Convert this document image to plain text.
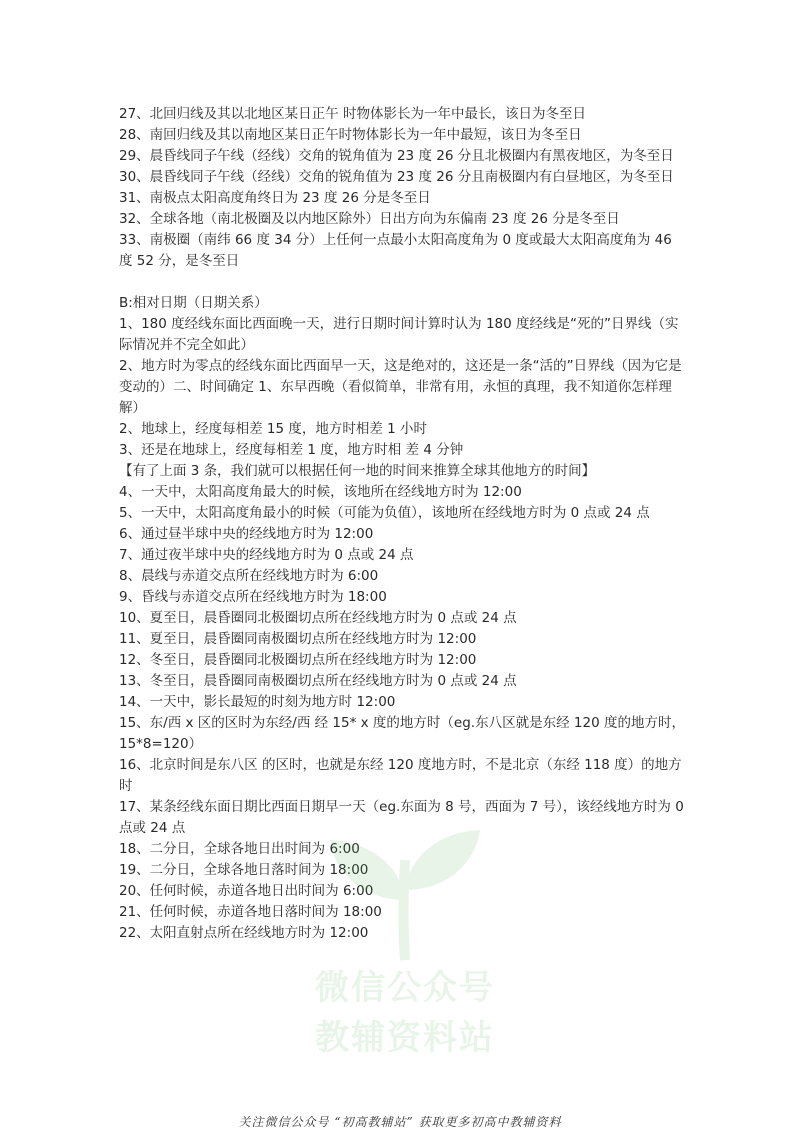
27、北回归线及其以北地区某日正午 时物体影长为一年中最长，该日为冬至日
28、南回归线及其以南地区某日正午时物体影长为一年中最短，该日为冬至日
29、晨昏线同子午线（经线）交角的锐角值为 23 度 26 分且北极圈内有黑夜地区，为冬至日
30、晨昏线同子午线（经线）交角的锐角值为 23 度 26 分且南极圈内有白昼地区，为冬至日
31、南极点太阳高度角终日为 23 度 26 分是冬至日
32、全球各地（南北极圈及以内地区除外）日出方向为东偏南 23 度 26 分是冬至日
33、南极圈（南纬 66 度 34 分）上任何一点最小太阳高度角为 0 度或最大太阳高度角为 46 度 52 分，是冬至日
B:相对日期（日期关系）
1、180 度经线东面比西面晚一天，进行日期时间计算时认为 180 度经线是“死的”日界线（实际情况并不完全如此）
2、地方时为零点的经线东面比西面早一天，这是绝对的，这还是一条“活的”日界线（因为它是变动的）二、时间确定 1、东早西晚（看似简单，非常有用，永恒的真理，我不知道你怎样理解）
2、地球上，经度每相差 15 度，地方时相差 1 小时
3、还是在地球上，经度每相差 1 度，地方时相 差 4 分钟
【有了上面 3 条，我们就可以根据任何一地的时间来推算全球其他地方的时间】
4、一天中，太阳高度角最大的时候，该地所在经线地方时为 12:00
5、一天中，太阳高度角最小的时候（可能为负值），该地所在经线地方时为 0 点或 24 点
6、通过昼半球中央的经线地方时为 12:00
7、通过夜半球中央的经线地方时为 0 点或 24 点
8、晨线与赤道交点所在经线地方时为 6:00
9、昏线与赤道交点所在经线地方时为 18:00
10、夏至日，晨昏圈同北极圈切点所在经线地方时为 0 点或 24 点
11、夏至日，晨昏圈同南极圈切点所在经线地方时为 12:00
12、冬至日，晨昏圈同北极圈切点所在经线地方时为 12:00
13、冬至日，晨昏圈同南极圈切点所在经线地方时为 0 点或 24 点
14、一天中，影长最短的时刻为地方时 12:00
15、东/西 x 区的区时为东经/西 经 15* x 度的地方时（eg.东八区就是东经 120 度的地方时，15*8=120）
16、北京时间是东八区 的区时，也就是东经 120 度地方时，不是北京（东经 118 度）的地方时
17、某条经线东面日期比西面日期早一天（eg.东面为 8 号，西面为 7 号），该经线地方时为 0 点或 24 点
18、二分日，全球各地日出时间为 6:00
19、二分日，全球各地日落时间为 18:00
20、任何时候，赤道各地日出时间为 6:00
21、任何时候，赤道各地日落时间为 18:00
22、太阳直射点所在经线地方时为 12:00
微信公众号
教辅资料站
关注微信公众号 “初高教辅站” 获取更多初高中教辅资料
